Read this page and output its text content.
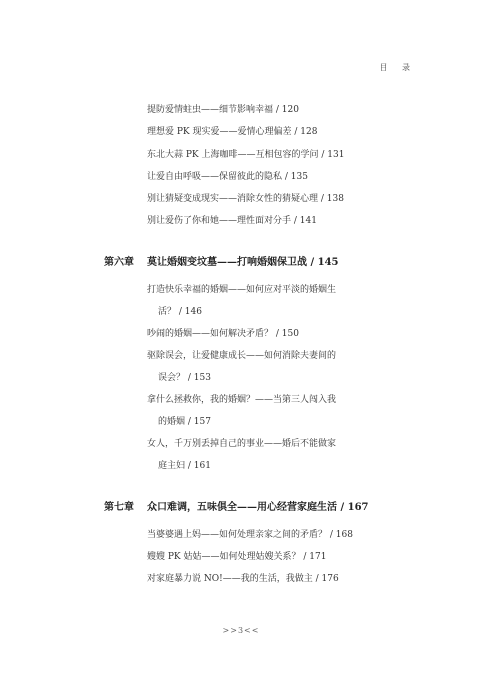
目 录
提防爱情蛀虫——细节影响幸福 / 120
理想爱 PK 现实爱——爱情心理偏差 / 128
东北大蒜 PK 上海咖啡——互相包容的学问 / 131
让爱自由呼吸——保留彼此的隐私 / 135
别让猜疑变成现实——消除女性的猜疑心理 / 138
别让爱伤了你和她——理性面对分手 / 141
第六章 莫让婚姻变坟墓——打响婚姻保卫战 / 145
打造快乐幸福的婚姻——如何应对平淡的婚姻生
活？ / 146
吵闹的婚姻——如何解决矛盾？ / 150
驱除误会，让爱健康成长——如何消除夫妻间的
误会？ / 153
拿什么拯救你，我的婚姻？——当第三人闯入我
的婚姻 / 157
女人，千万别丢掉自己的事业——婚后不能做家
庭主妇 / 161
第七章 众口难调，五味俱全——用心经营家庭生活 / 167
当婆婆遇上妈——如何处理亲家之间的矛盾？ / 168
嫂嫂 PK 姑姑——如何处理姑嫂关系？ / 171
对家庭暴力说 NO!——我的生活，我做主 / 176
>>3<<
